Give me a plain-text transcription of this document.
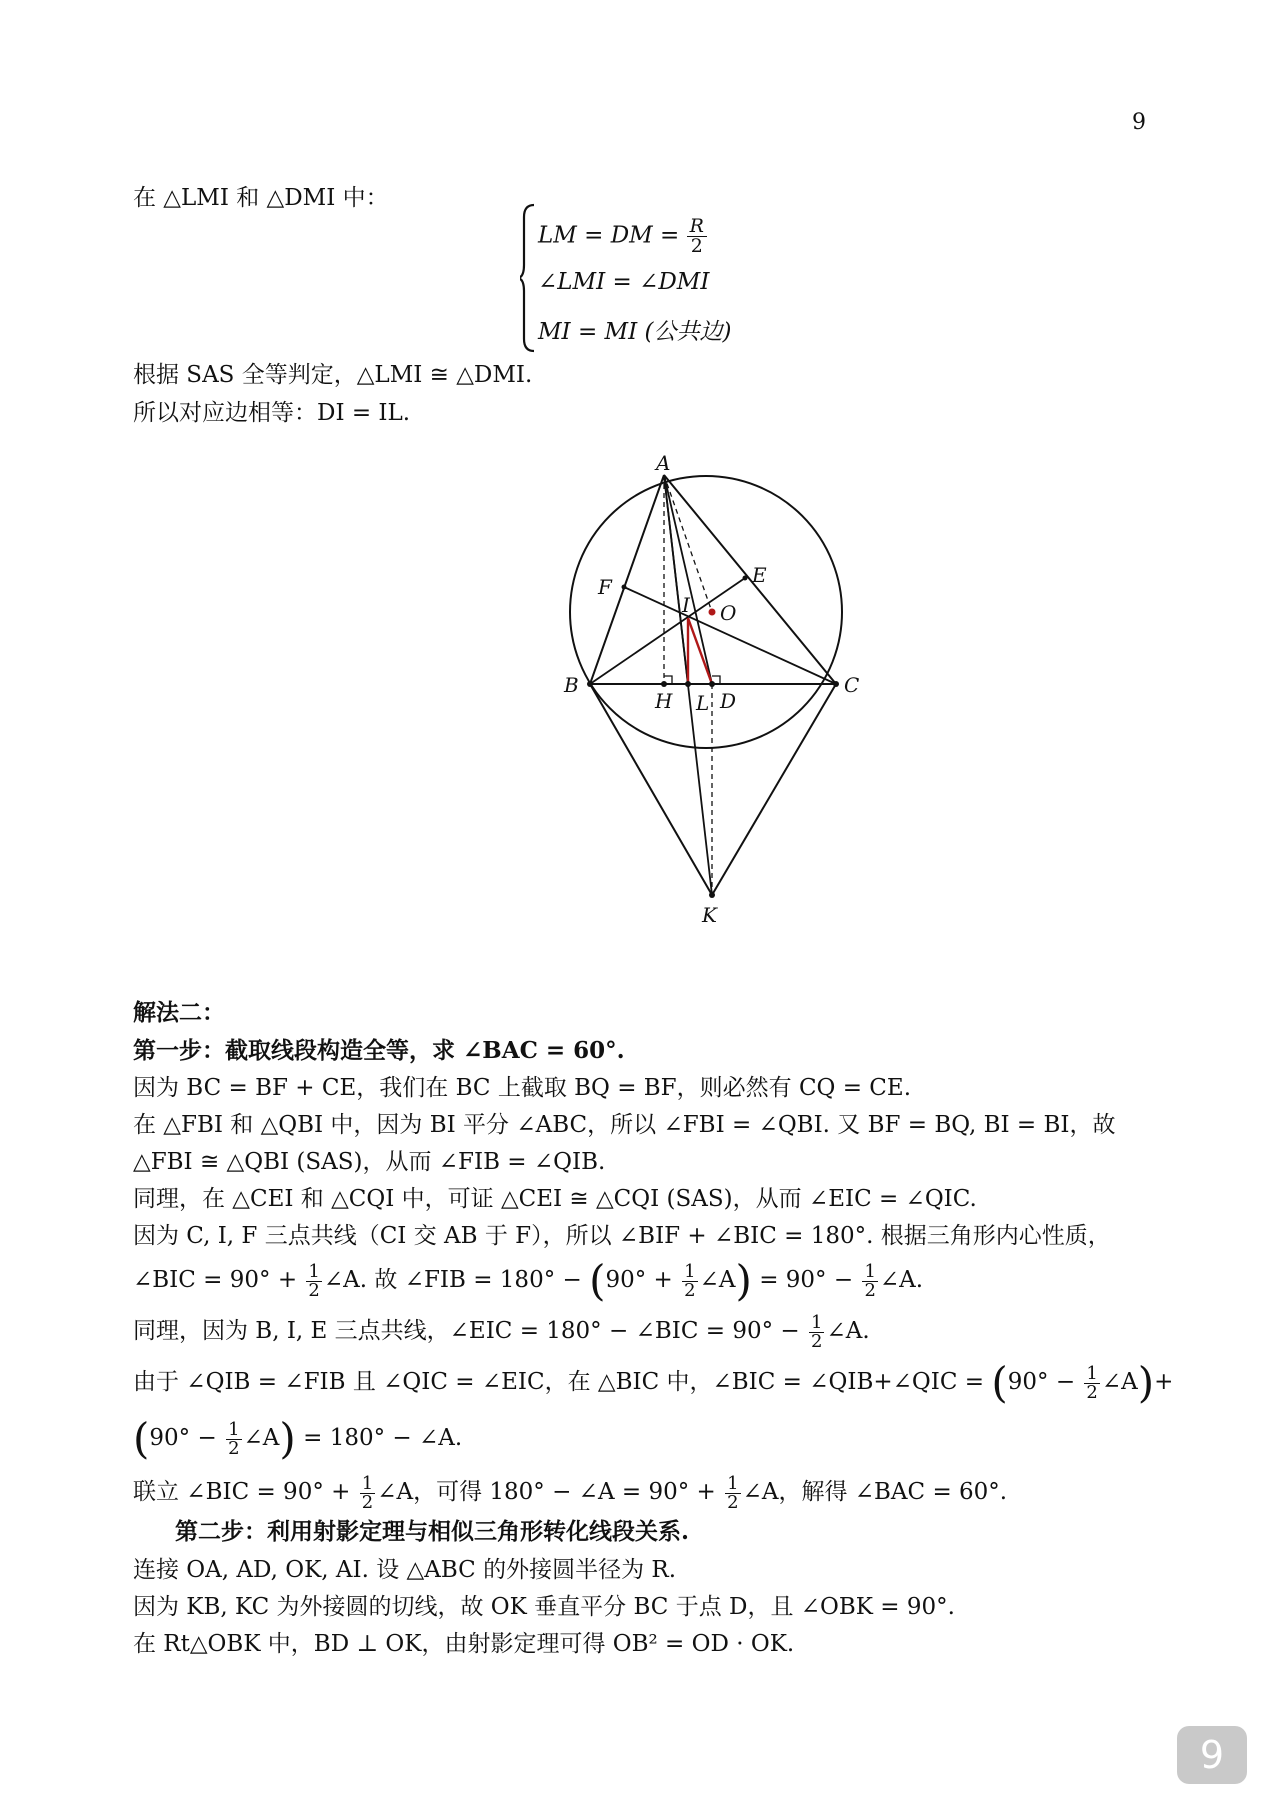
9
在 △LMI 和 △DMI 中：
LM = DM = $\frac{R}{2}$
∠LMI = ∠DMI
MI = MI (公共边)
根据 SAS 全等判定，△LMI ≅ △DMI.
所以对应边相等：DI = IL.
A
B	C
H L D
F	E
I O
K
解法二：
第一步：截取线段构造全等，求 ∠BAC = 60°.
因为 BC = BF + CE，我们在 BC 上截取 BQ = BF，则必然有 CQ = CE.
在 △FBI 和 △QBI 中，因为 BI 平分 ∠ABC，所以 ∠FBI = ∠QBI. 又 BF = BQ, BI = BI，故
△FBI ≅ △QBI (SAS)，从而 ∠FIB = ∠QIB.
同理，在 △CEI 和 △CQI 中，可证 △CEI ≅ △CQI (SAS)，从而 ∠EIC = ∠QIC.
因为 C, I, F 三点共线（CI 交 AB 于 F），所以 ∠BIF + ∠BIC = 180°. 根据三角形内心性质，
∠BIC = $90^\circ + \frac{1}{2}$ ∠A. 故 ∠FIB = $180^\circ - (90^\circ + \frac{1}{2}$ ∠A) = $90^\circ - \frac{1}{2}$ ∠A.
同理，因为 B, I, E 三点共线，∠EIC = 180° − ∠BIC = $90^\circ - \frac{1}{2}$ ∠A.
由于 ∠QIB = ∠FIB 且 ∠QIC = ∠EIC，在 △BIC 中，∠BIC = ∠QIB+∠QIC = ($90^\circ - \frac{1}{2}$ ∠A)+
($90^\circ - \frac{1}{2}$ ∠A) = 180° − ∠A.
联立 ∠BIC = $90^\circ + \frac{1}{2}$ ∠A，可得 180° − ∠A = $90^\circ + \frac{1}{2}$ ∠A，解得 ∠BAC = 60°.
第二步：利用射影定理与相似三角形转化线段关系.
连接 OA, AD, OK, AI. 设 △ABC 的外接圆半径为 R.
因为 KB, KC 为外接圆的切线，故 OK 垂直平分 BC 于点 D，且 ∠OBK = 90°.
在 Rt△OBK 中，BD ⊥ OK，由射影定理可得 OB² = OD · OK.
9
